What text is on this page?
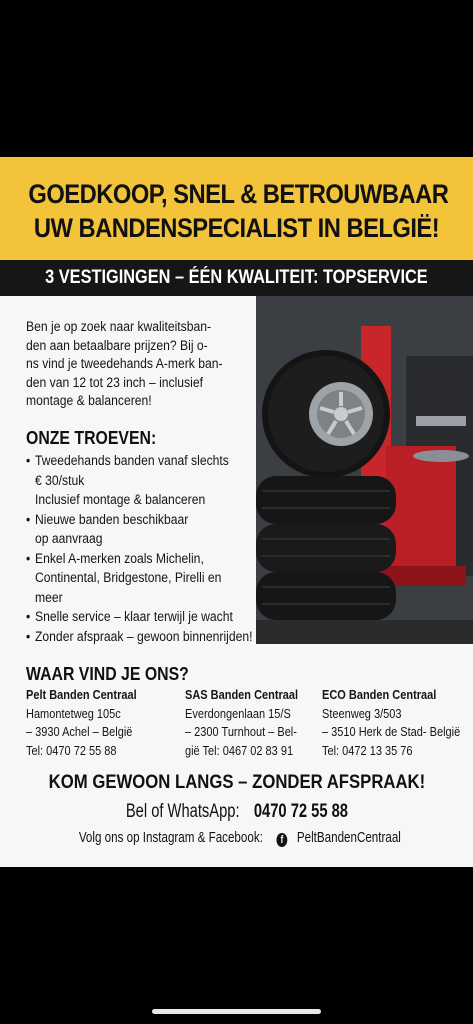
GOEDKOOP, SNEL & BETROUWBAAR
UW BANDENSPECIALIST IN BELGIË!
3 VESTIGINGEN – ÉÉN KWALITEIT: TOPSERVICE
Ben je op zoek naar kwaliteitsban-
den aan betaalbare prijzen? Bij o-
ns vind je tweedehands A-merk ban-
den van 12 tot 23 inch – inclusief
montage & balanceren!
ONZE TROEVEN:
• Tweedehands banden vanaf slechts
€ 30/stuk
Inclusief montage & balanceren
• Nieuwe banden beschikbaar
op aanvraag
• Enkel A-merken zoals Michelin,
Continental, Bridgestone, Pirelli en
meer
• Snelle service – klaar terwijl je wacht
• Zonder afspraak – gewoon binnenrijden!
WAAR VIND JE ONS?
Pelt Banden Centraal
Hamontetweg 105c
– 3930 Achel – België
Tel: 0470 72 55 88
SAS Banden Centraal
Everdongenlaan 15/S
– 2300 Turnhout – Bel-
gië Tel: 0467 02 83 91
ECO Banden Centraal
Steenweg 3/503
– 3510 Herk de Stad- België
Tel: 0472 13 35 76
KOM GEWOON LANGS – ZONDER AFSPRAAK!
Bel of WhatsApp:0470 72 55 88
Volg ons op Instagram & Facebook:f PeltBandenCentraal
